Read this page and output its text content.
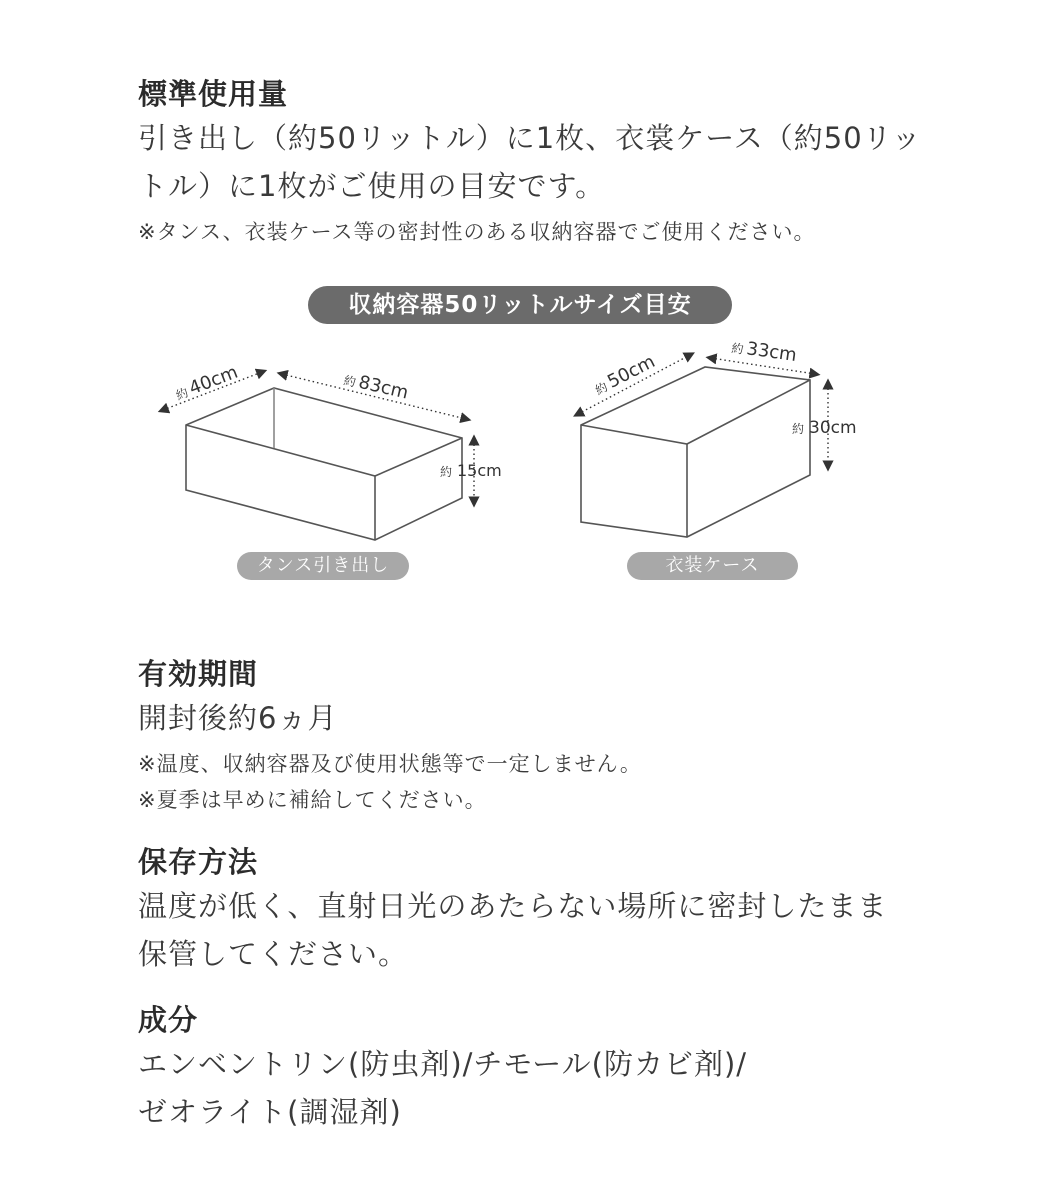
標準使用量
引き出し（約50リットル）に1枚、衣裳ケース（約50リッ
トル）に1枚がご使用の目安です。
※タンス、衣装ケース等の密封性のある収納容器でご使用ください。
収納容器50リットルサイズ目安
約
40cm	約 83cm
約 15cm
約
50cm
約 33cm
約 30cm
タンス引き出し	衣装ケース
有効期間
開封後約6ヵ月
※温度、収納容器及び使用状態等で一定しません。
※夏季は早めに補給してください。
保存方法
温度が低く、直射日光のあたらない場所に密封したまま
保管してください。
成分
エンベントリン(防虫剤)/チモール(防カビ剤)/
ゼオライト(調湿剤)
